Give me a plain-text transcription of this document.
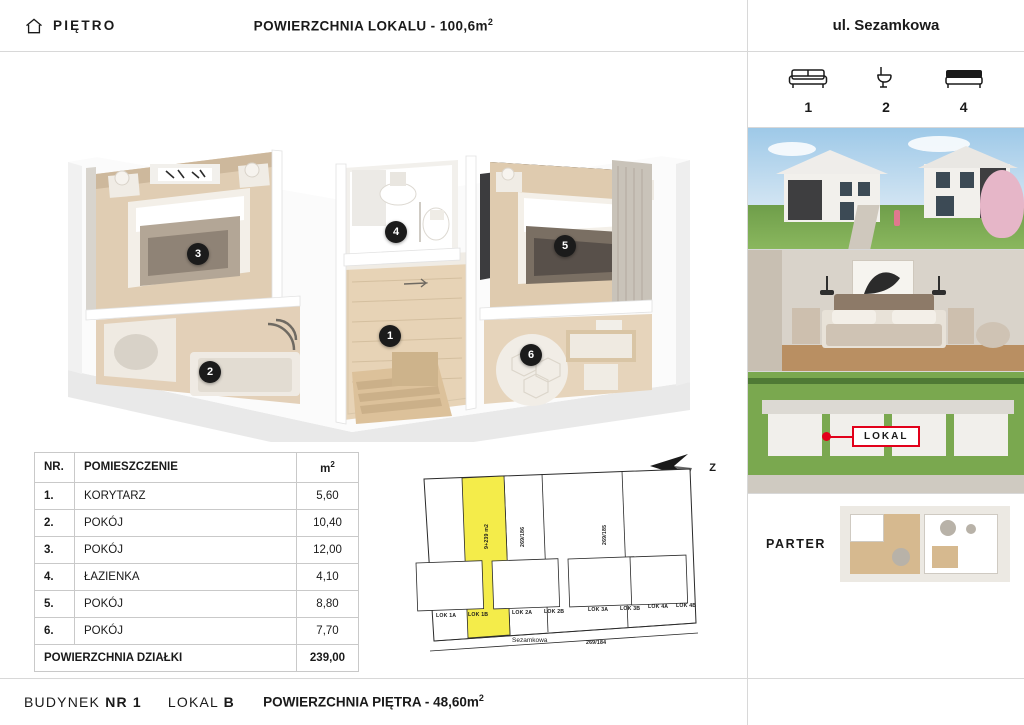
PIĘTRO	POWIERZCHNIA LOKALU - $100,6m^2$	ul. Sezamkowa
1	2	4
LOKAL
PARTER
1
2
3
4
5
6
NR.	POMIESZCZENIE	$m^2$
1.	KORYTARZ	5,60
2.	POKÓJ	10,40
3.	POKÓJ	12,00
4.	ŁAZIENKA	4,10
5.	POKÓJ	8,80
6.	POKÓJ	7,70
POWIERZCHNIA DZIAŁKI		239,00
Z
LOK 1A LOK 1B	LOK 2A LOK 2B	LOK 3A LOK 3B LOK 4A LOK 4B
9+239 m2	269/186	269/185
269/184
Sezamkowa
BUDYNEK NR 1 LOKAL B	POWIERZCHNIA PIĘTRA - $48,60m^2$
